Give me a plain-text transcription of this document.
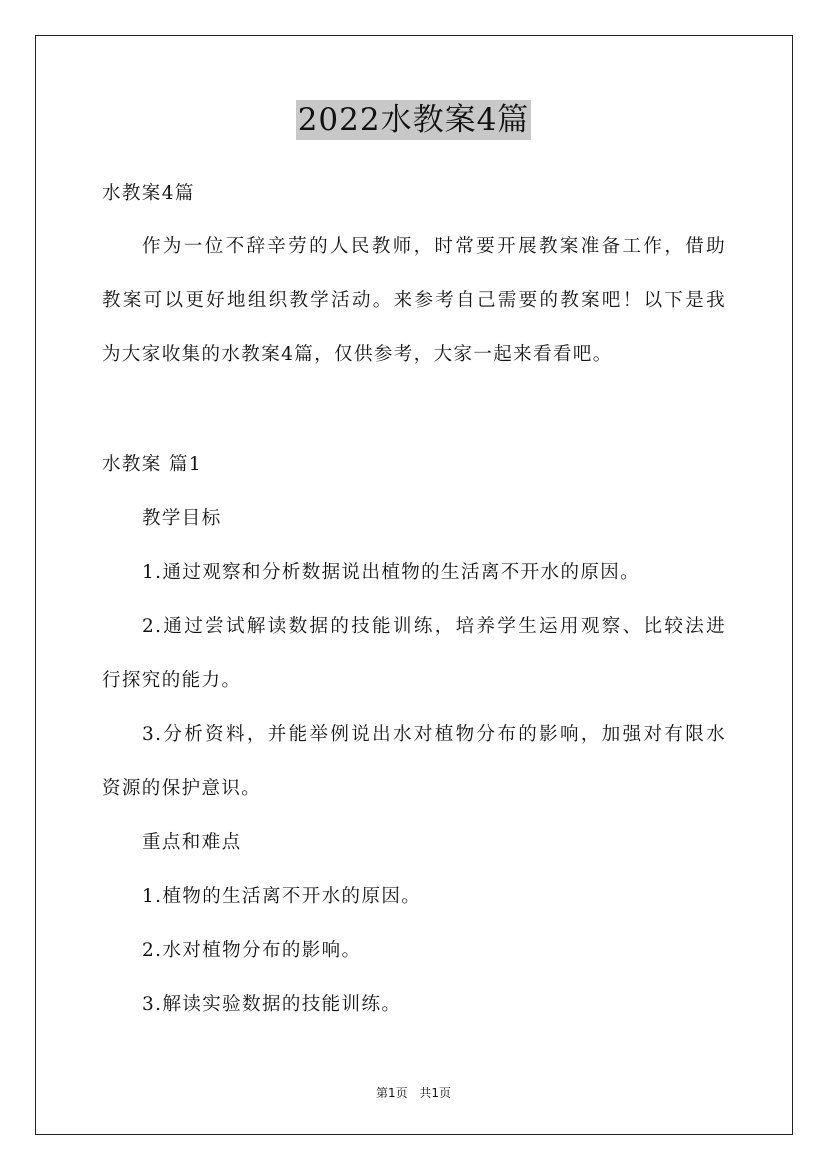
2022水教案4篇
水教案4篇
作为一位不辞辛劳的人民教师，时常要开展教案准备工作，借助
教案可以更好地组织教学活动。来参考自己需要的教案吧！以下是我
为大家收集的水教案4篇，仅供参考，大家一起来看看吧。
水教案 篇1
教学目标
1.通过观察和分析数据说出植物的生活离不开水的原因。
2.通过尝试解读数据的技能训练，培养学生运用观察、比较法进
行探究的能力。
3.分析资料，并能举例说出水对植物分布的影响，加强对有限水
资源的保护意识。
重点和难点
1.植物的生活离不开水的原因。
2.水对植物分布的影响。
3.解读实验数据的技能训练。
第1页 共1页
